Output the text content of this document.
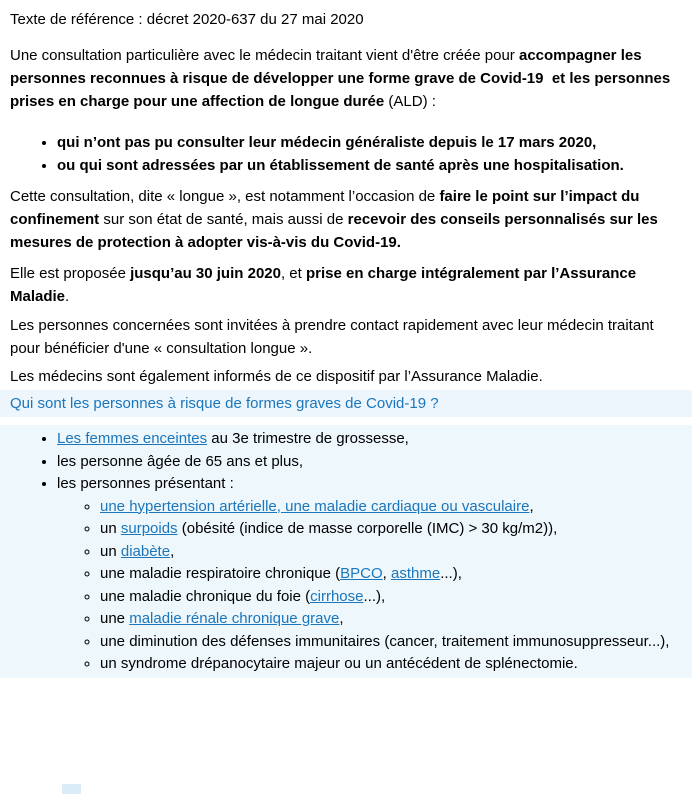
Texte de référence : décret 2020-637 du 27 mai 2020

Une consultation particulière avec le médecin traitant vient d'être créée pour accompagner les personnes reconnues à risque de développer une forme grave de Covid-19  et les personnes prises en charge pour une affection de longue durée (ALD) :

• qui n’ont pas pu consulter leur médecin généraliste depuis le 17 mars 2020,
• ou qui sont adressées par un établissement de santé après une hospitalisation.

Cette consultation, dite « longue », est notamment l’occasion de faire le point sur l’impact du confinement sur son état de santé, mais aussi de recevoir des conseils personnalisés sur les mesures de protection à adopter vis-à-vis du Covid-19.

Elle est proposée jusqu’au 30 juin 2020, et prise en charge intégralement par l’Assurance Maladie.

Les personnes concernées sont invitées à prendre contact rapidement avec leur médecin traitant pour bénéficier d'une « consultation longue ».

Les médecins sont également informés de ce dispositif par l’Assurance Maladie.

Qui sont les personnes à risque de formes graves de Covid-19 ?
• Les femmes enceintes au 3e trimestre de grossesse,
• les personne âgée de 65 ans et plus,
• les personnes présentant :
◦ une hypertension artérielle, une maladie cardiaque ou vasculaire,
◦ un surpoids (obésité (indice de masse corporelle (IMC) > 30 kg/m2)),
◦ un diabète,
◦ une maladie respiratoire chronique (BPCO, asthme...),
◦ une maladie chronique du foie (cirrhose...),
◦ une maladie rénale chronique grave,
◦ une diminution des défenses immunitaires (cancer, traitement immunosuppresseur...),
◦ un syndrome drépanocytaire majeur ou un antécédent de splénectomie.
